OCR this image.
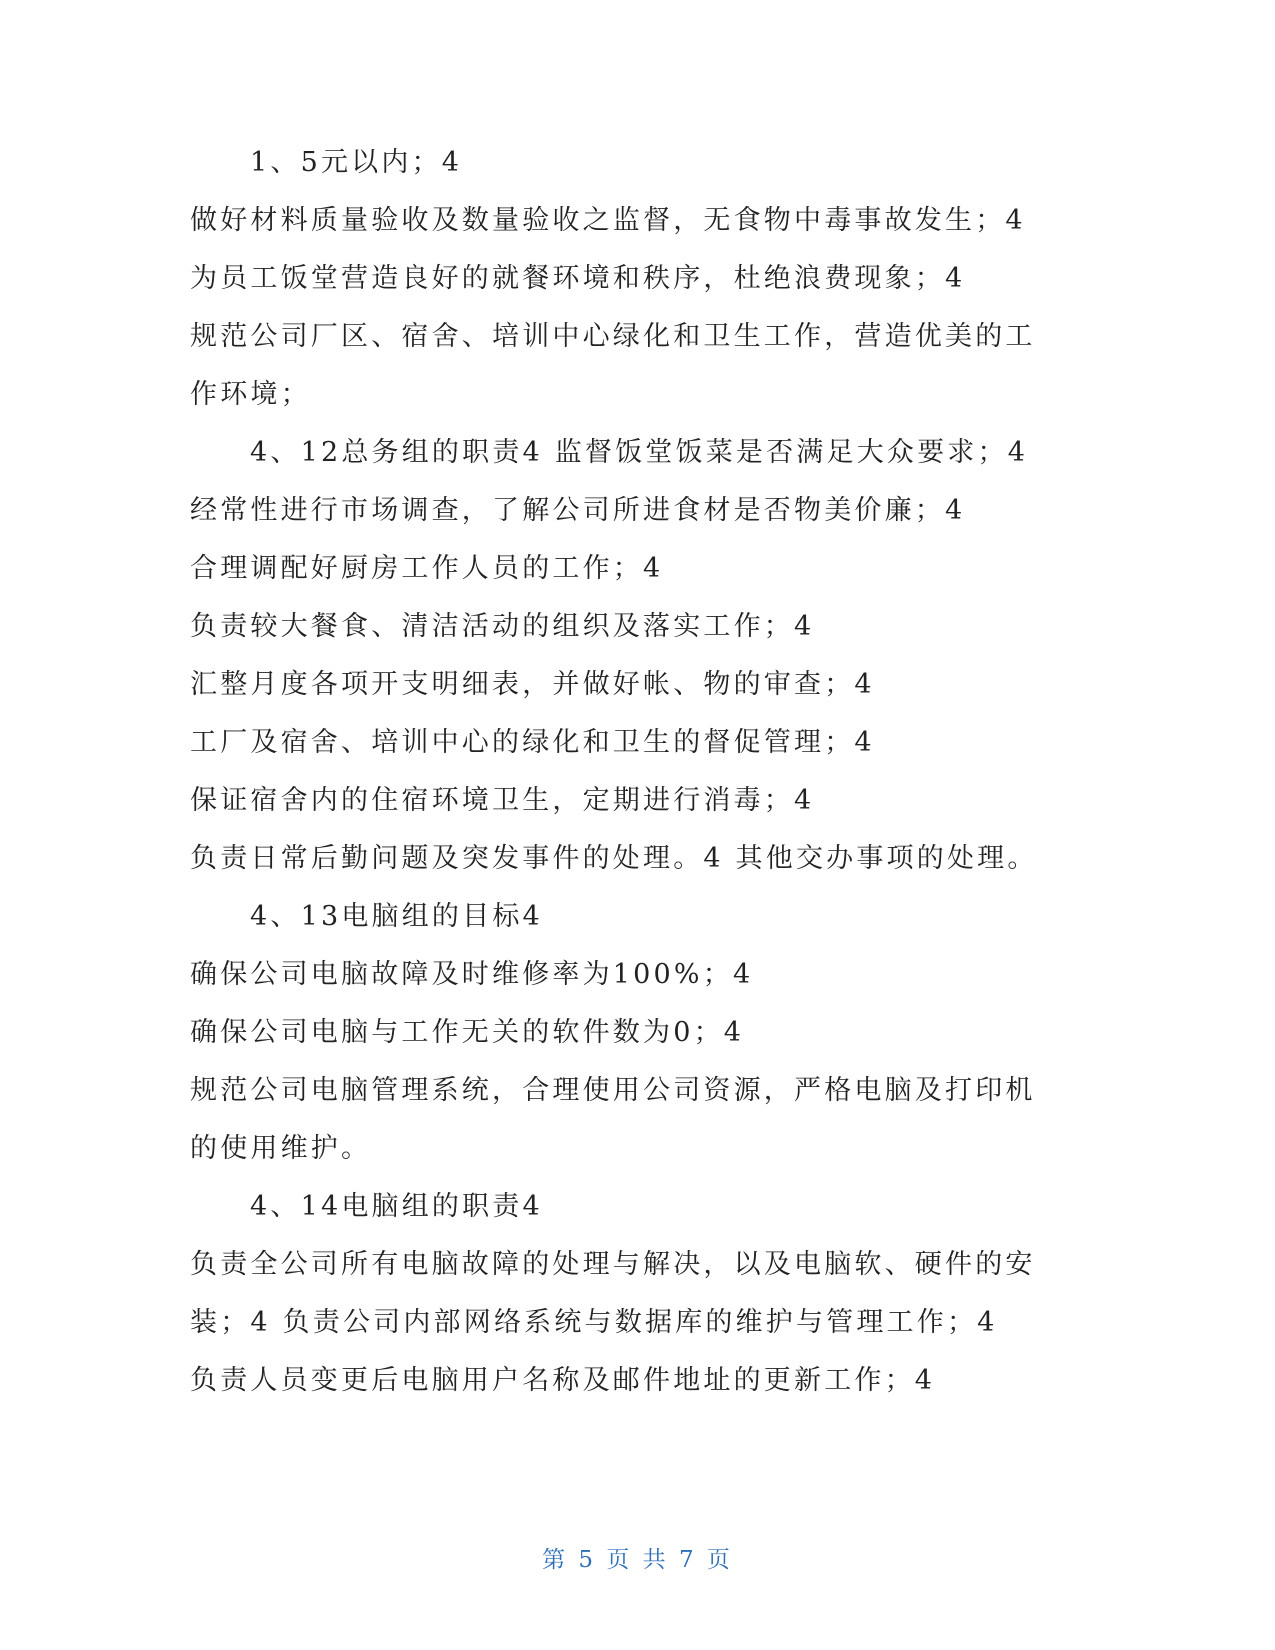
1、5元以内；4
做好材料质量验收及数量验收之监督，无食物中毒事故发生；4
为员工饭堂营造良好的就餐环境和秩序，杜绝浪费现象；4
规范公司厂区、宿舍、培训中心绿化和卫生工作，营造优美的工
作环境；
4、12总务组的职责4 监督饭堂饭菜是否满足大众要求；4
经常性进行市场调查，了解公司所进食材是否物美价廉；4
合理调配好厨房工作人员的工作；4
负责较大餐食、清洁活动的组织及落实工作；4
汇整月度各项开支明细表，并做好帐、物的审查；4
工厂及宿舍、培训中心的绿化和卫生的督促管理；4
保证宿舍内的住宿环境卫生，定期进行消毒；4
负责日常后勤问题及突发事件的处理。4 其他交办事项的处理。
4、13电脑组的目标4
确保公司电脑故障及时维修率为100%；4
确保公司电脑与工作无关的软件数为0；4
规范公司电脑管理系统，合理使用公司资源，严格电脑及打印机
的使用维护。
4、14电脑组的职责4
负责全公司所有电脑故障的处理与解决，以及电脑软、硬件的安
装；4 负责公司内部网络系统与数据库的维护与管理工作；4
负责人员变更后电脑用户名称及邮件地址的更新工作；4
第 5 页 共 7 页
